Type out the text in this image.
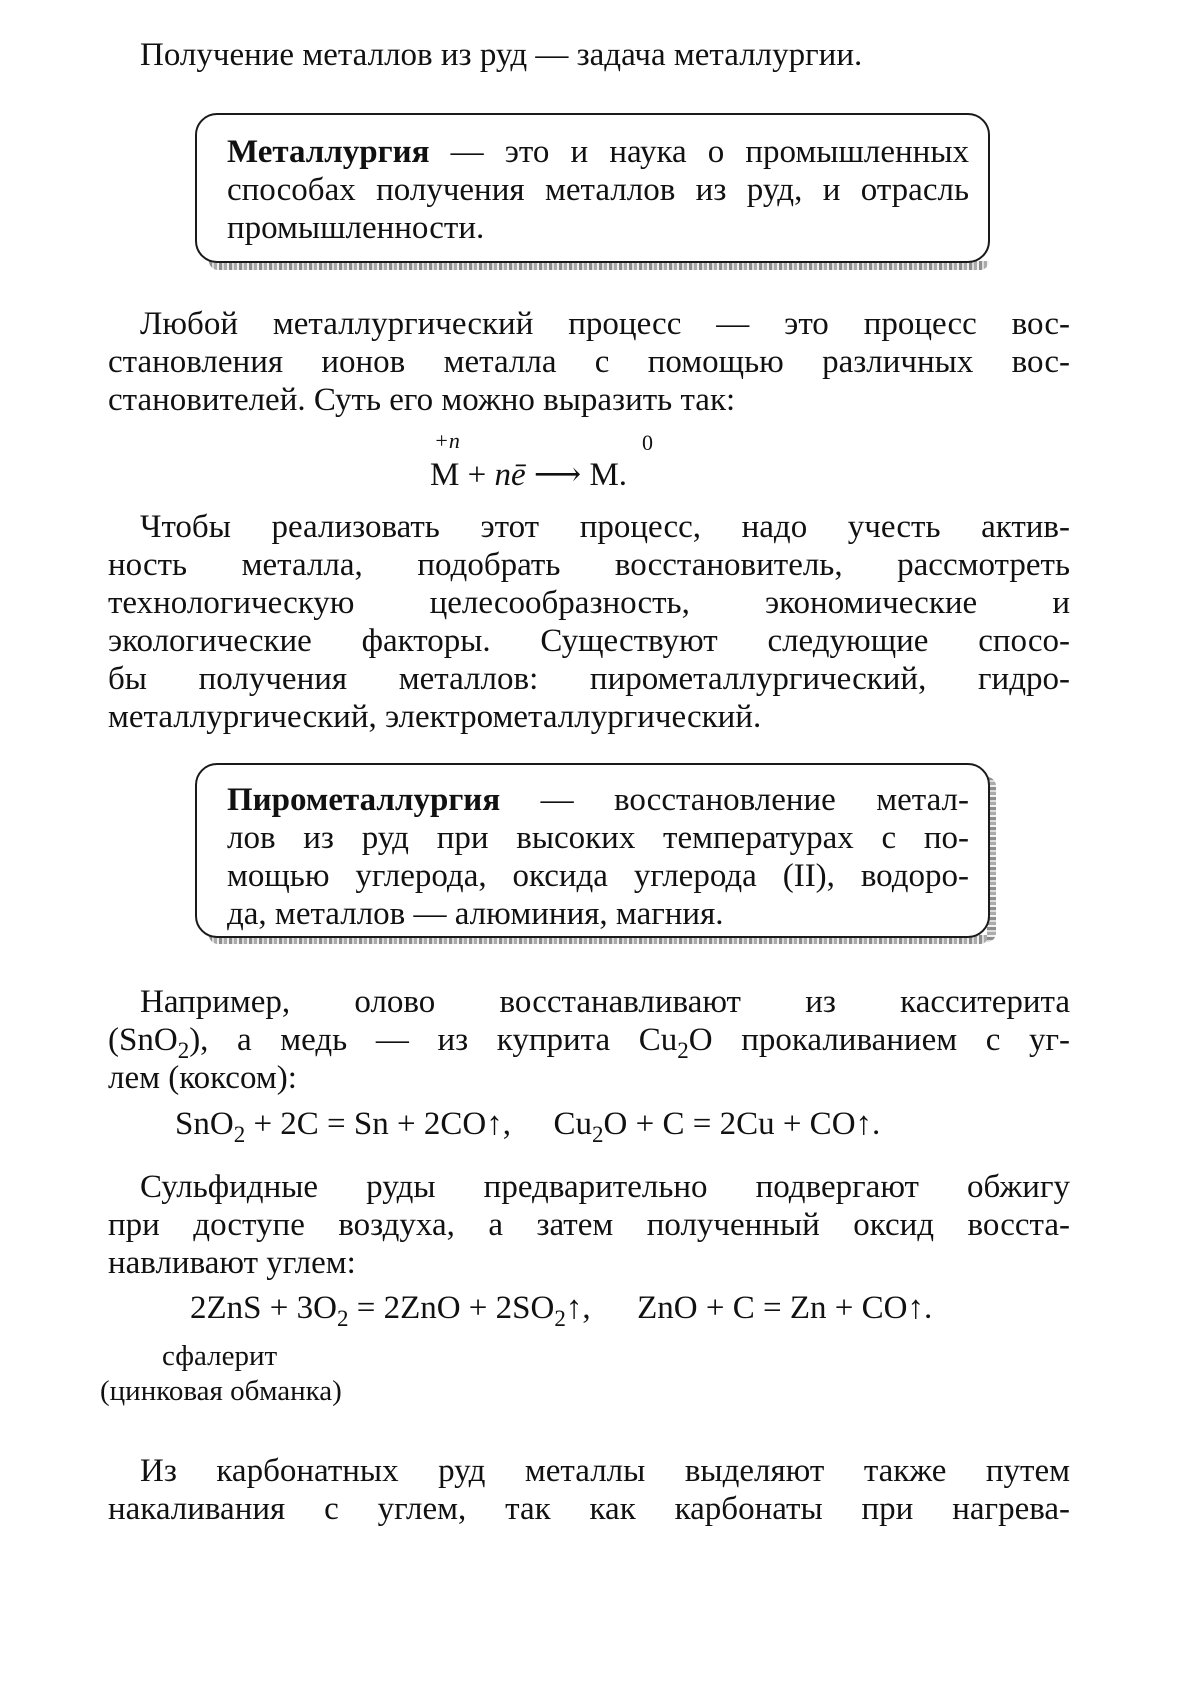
Получение металлов из руд — задача металлургии.

Металлургия — это и наука о промышленных
способах получения металлов из руд, и отрасль
промышленности.
Любой металлургический процесс — это процесс вос-
становления ионов металла с помощью различных вос-
становителей. Суть его можно выразить так:
+n	0
M + nē ⟶ M.
Чтобы реализовать этот процесс, надо учесть актив-
ность металла, подобрать восстановитель, рассмотреть
технологическую целесообразность, экономические и
экологические факторы. Существуют следующие спосо-
бы получения металлов: пирометаллургический, гидро-
металлургический, электрометаллургический.
Пирометаллургия — восстановление метал-
лов из руд при высоких температурах с по-
мощью углерода, оксида углерода (II), водоро-
да, металлов — алюминия, магния.
Например, олово восстанавливают из касситерита
(SnO$_2$), а медь — из куприта $Cu_2O$ прокаливанием с уг-
лем (коксом):
SnO$_2$ + 2C = Sn + 2CO↑, $Cu_2O + C = 2Cu$ + CO↑.
Сульфидные руды предварительно подвергают обжигу
при доступе воздуха, а затем полученный оксид восста-
навливают углем:
$2ZnS + 3O_2 = 2ZnO$ + $2SO_2↑$, ZnO + C = Zn + CO↑.
сфалерит
(цинковая обманка)
Из карбонатных руд металлы выделяют также путем
накаливания с углем, так как карбонаты при нагрева-
